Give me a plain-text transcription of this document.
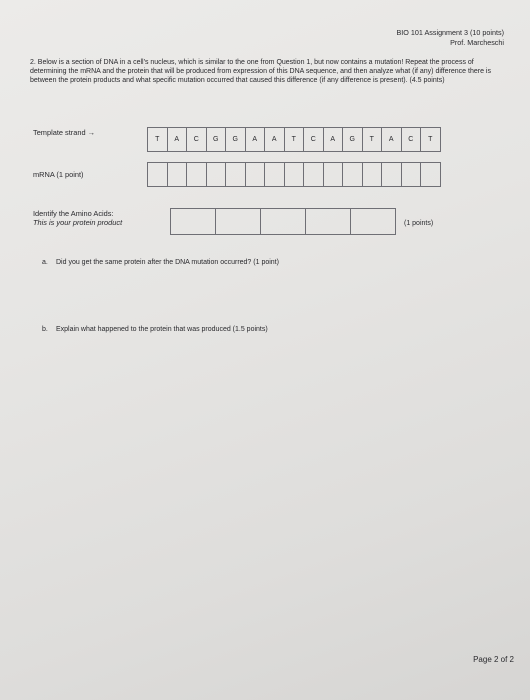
BIO 101 Assignment 3 (10 points)
Prof. Marcheschi
2. Below is a section of DNA in a cell's nucleus, which is similar to the one from Question 1, but now contains a mutation! Repeat the process of determining the mRNA and the protein that will be produced from expression of this DNA sequence, and then analyze what (if any) difference there is between the protein products and what specific mutation occurred that caused this difference (if any difference is present). (4.5 points)
Template strand →
T	A	C	G	G	A	A	T	C	A	G	T	A	C	T
mRNA (1 point)
Identify the Amino Acids:
This is your protein product	(1 points)
a. Did you get the same protein after the DNA mutation occurred? (1 point)
b. Explain what happened to the protein that was produced (1.5 points)
Page 2 of 2
